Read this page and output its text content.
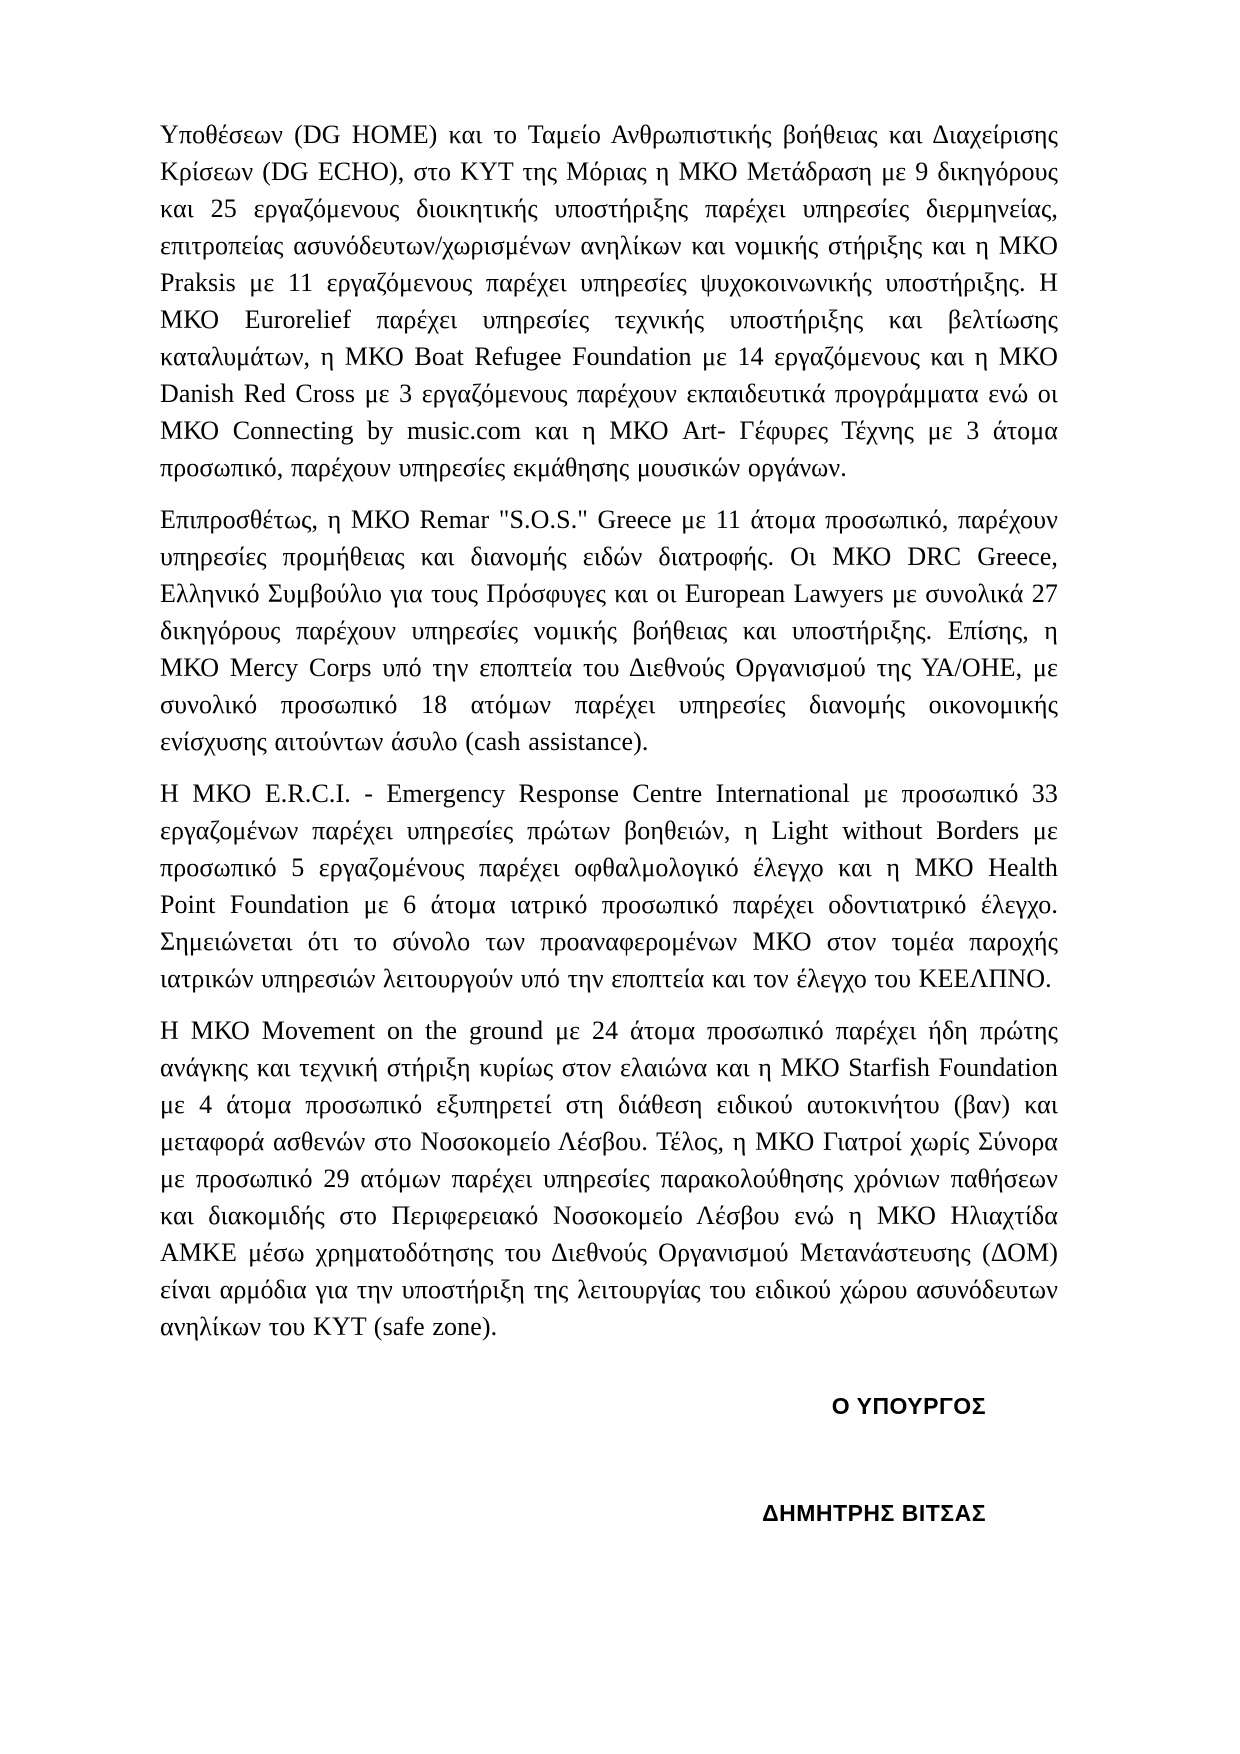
Υποθέσεων (DG HOME) και το Ταμείο Ανθρωπιστικής βοήθειας και Διαχείρισης Κρίσεων (DG ECHO), στο ΚΥΤ της Μόριας η ΜΚΟ Μετάδραση με 9 δικηγόρους και 25 εργαζόμενους διοικητικής υποστήριξης παρέχει υπηρεσίες διερμηνείας, επιτροπείας ασυνόδευτων/χωρισμένων ανηλίκων και νομικής στήριξης και η ΜΚΟ Praksis με 11 εργαζόμενους παρέχει υπηρεσίες ψυχοκοινωνικής υποστήριξης. Η ΜΚΟ Eurorelief παρέχει υπηρεσίες τεχνικής υποστήριξης και βελτίωσης καταλυμάτων, η ΜΚΟ Boat Refugee Foundation με 14 εργαζόμενους και η ΜΚΟ Danish Red Cross με 3 εργαζόμενους παρέχουν εκπαιδευτικά προγράμματα ενώ οι ΜΚΟ Connecting by music.com και η ΜΚΟ Art- Γέφυρες Τέχνης με 3 άτομα προσωπικό, παρέχουν υπηρεσίες εκμάθησης μουσικών οργάνων.

Επιπροσθέτως, η ΜΚΟ Remar "S.O.S." Greece με 11 άτομα προσωπικό, παρέχουν υπηρεσίες προμήθειας και διανομής ειδών διατροφής. Οι ΜΚΟ DRC Greece, Ελληνικό Συμβούλιο για τους Πρόσφυγες και οι European Lawyers με συνολικά 27 δικηγόρους παρέχουν υπηρεσίες νομικής βοήθειας και υποστήριξης. Επίσης, η ΜΚΟ Mercy Corps υπό την εποπτεία του Διεθνούς Οργανισμού της ΥΑ/ΟΗΕ, με συνολικό προσωπικό 18 ατόμων παρέχει υπηρεσίες διανομής οικονομικής ενίσχυσης αιτούντων άσυλο (cash assistance).

Η ΜΚΟ E.R.C.I. - Emergency Response Centre International με προσωπικό 33 εργαζομένων παρέχει υπηρεσίες πρώτων βοηθειών, η Light without Borders με προσωπικό 5 εργαζομένους παρέχει οφθαλμολογικό έλεγχο και η ΜΚΟ Health Point Foundation με 6 άτομα ιατρικό προσωπικό παρέχει οδοντιατρικό έλεγχο. Σημειώνεται ότι το σύνολο των προαναφερομένων ΜΚΟ στον τομέα παροχής ιατρικών υπηρεσιών λειτουργούν υπό την εποπτεία και τον έλεγχο του ΚΕΕΛΠΝΟ.

Η ΜΚΟ Movement on the ground με 24 άτομα προσωπικό παρέχει ήδη πρώτης ανάγκης και τεχνική στήριξη κυρίως στον ελαιώνα και η ΜΚΟ Starfish Foundation με 4 άτομα προσωπικό εξυπηρετεί στη διάθεση ειδικού αυτοκινήτου (βαν) και μεταφορά ασθενών στο Νοσοκομείο Λέσβου. Τέλος, η ΜΚΟ Γιατροί χωρίς Σύνορα με προσωπικό 29 ατόμων παρέχει υπηρεσίες παρακολούθησης χρόνιων παθήσεων και διακομιδής στο Περιφερειακό Νοσοκομείο Λέσβου ενώ η ΜΚΟ Ηλιαχτίδα ΑΜΚΕ μέσω χρηματοδότησης του Διεθνούς Οργανισμού Μετανάστευσης (ΔΟΜ) είναι αρμόδια για την υποστήριξη της λειτουργίας του ειδικού χώρου ασυνόδευτων ανηλίκων του ΚΥΤ (safe zone).

Ο ΥΠΟΥΡΓΟΣ

ΔΗΜΗΤΡΗΣ ΒΙΤΣΑΣ
